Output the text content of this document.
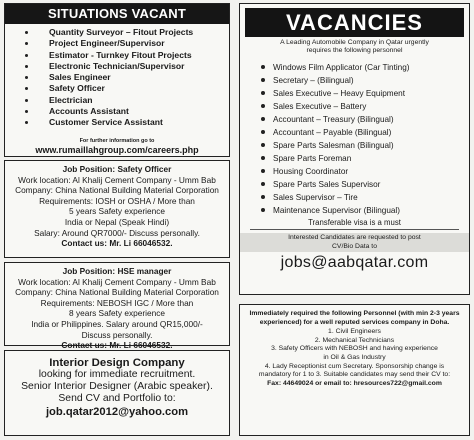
SITUATIONS VACANT
Quantity Surveyor – Fitout Projects
Project Engineer/Supervisor
Estimator - Turnkey Fitout Projects
Electronic Technician/Supervisor
Sales Engineer
Safety Officer
Electrician
Accounts Assistant
Customer Service Assistant
For further information go to
www.rumaillahgroup.com/careers.php
Job Position: Safety Officer
Work location: Al Khalij Cement Company - Umm Bab
Company: China National Building Material Corporation
Requirements: IOSH or OSHA / More than
5 years Safety experience
India or Nepal (Speak Hindi)
Salary: Around QR7000/- Discuss personally.
Contact us: Mr. Li 66046532.
Job Position: HSE manager
Work location: Al Khalij Cement Company - Umm Bab
Company: China National Building Material Corporation
Requirements: NEBOSH IGC / More than
8 years Safety experience
India or Philippines. Salary around QR15,000/-
Discuss personally.
Contact us: Mr. Li 66046532.
Interior Design Company
looking for immediate recruitment.
Senior Interior Designer (Arabic speaker).
Send CV and Portfolio to:
job.qatar2012@yahoo.com
VACANCIES
A Leading Automobile Company in Qatar urgently
requires the following personnel
Windows Film Applicator (Car Tinting)
Secretary – (Bilingual)
Sales Executive – Heavy Equipment
Sales Executive – Battery
Accountant – Treasury (Bilingual)
Accountant – Payable (Bilingual)
Spare Parts Salesman (Bilingual)
Spare Parts Foreman
Housing Coordinator
Spare Parts Sales Supervisor
Sales Supervisor – Tire
Maintenance Supervisor (Bilingual)
Transferable visa is a must
Interested Candidates are requested to post
CV/Bio Data to
jobs@aabqatar.com
Immediately required the following Personnel (with min 2-3 years
experienced) for a well reputed services company in Doha.
1. Civil Engineers
2. Mechanical Technicians
3. Safety Officers with NEBOSH and having experience
in Oil & Gas Industry
4. Lady Receptionist cum Secretary. Sponsorship change is
mandatory for 1 to 3. Suitable candidates may send their CV to:
Fax: 44649024 or email to: hresources722@gmail.com
